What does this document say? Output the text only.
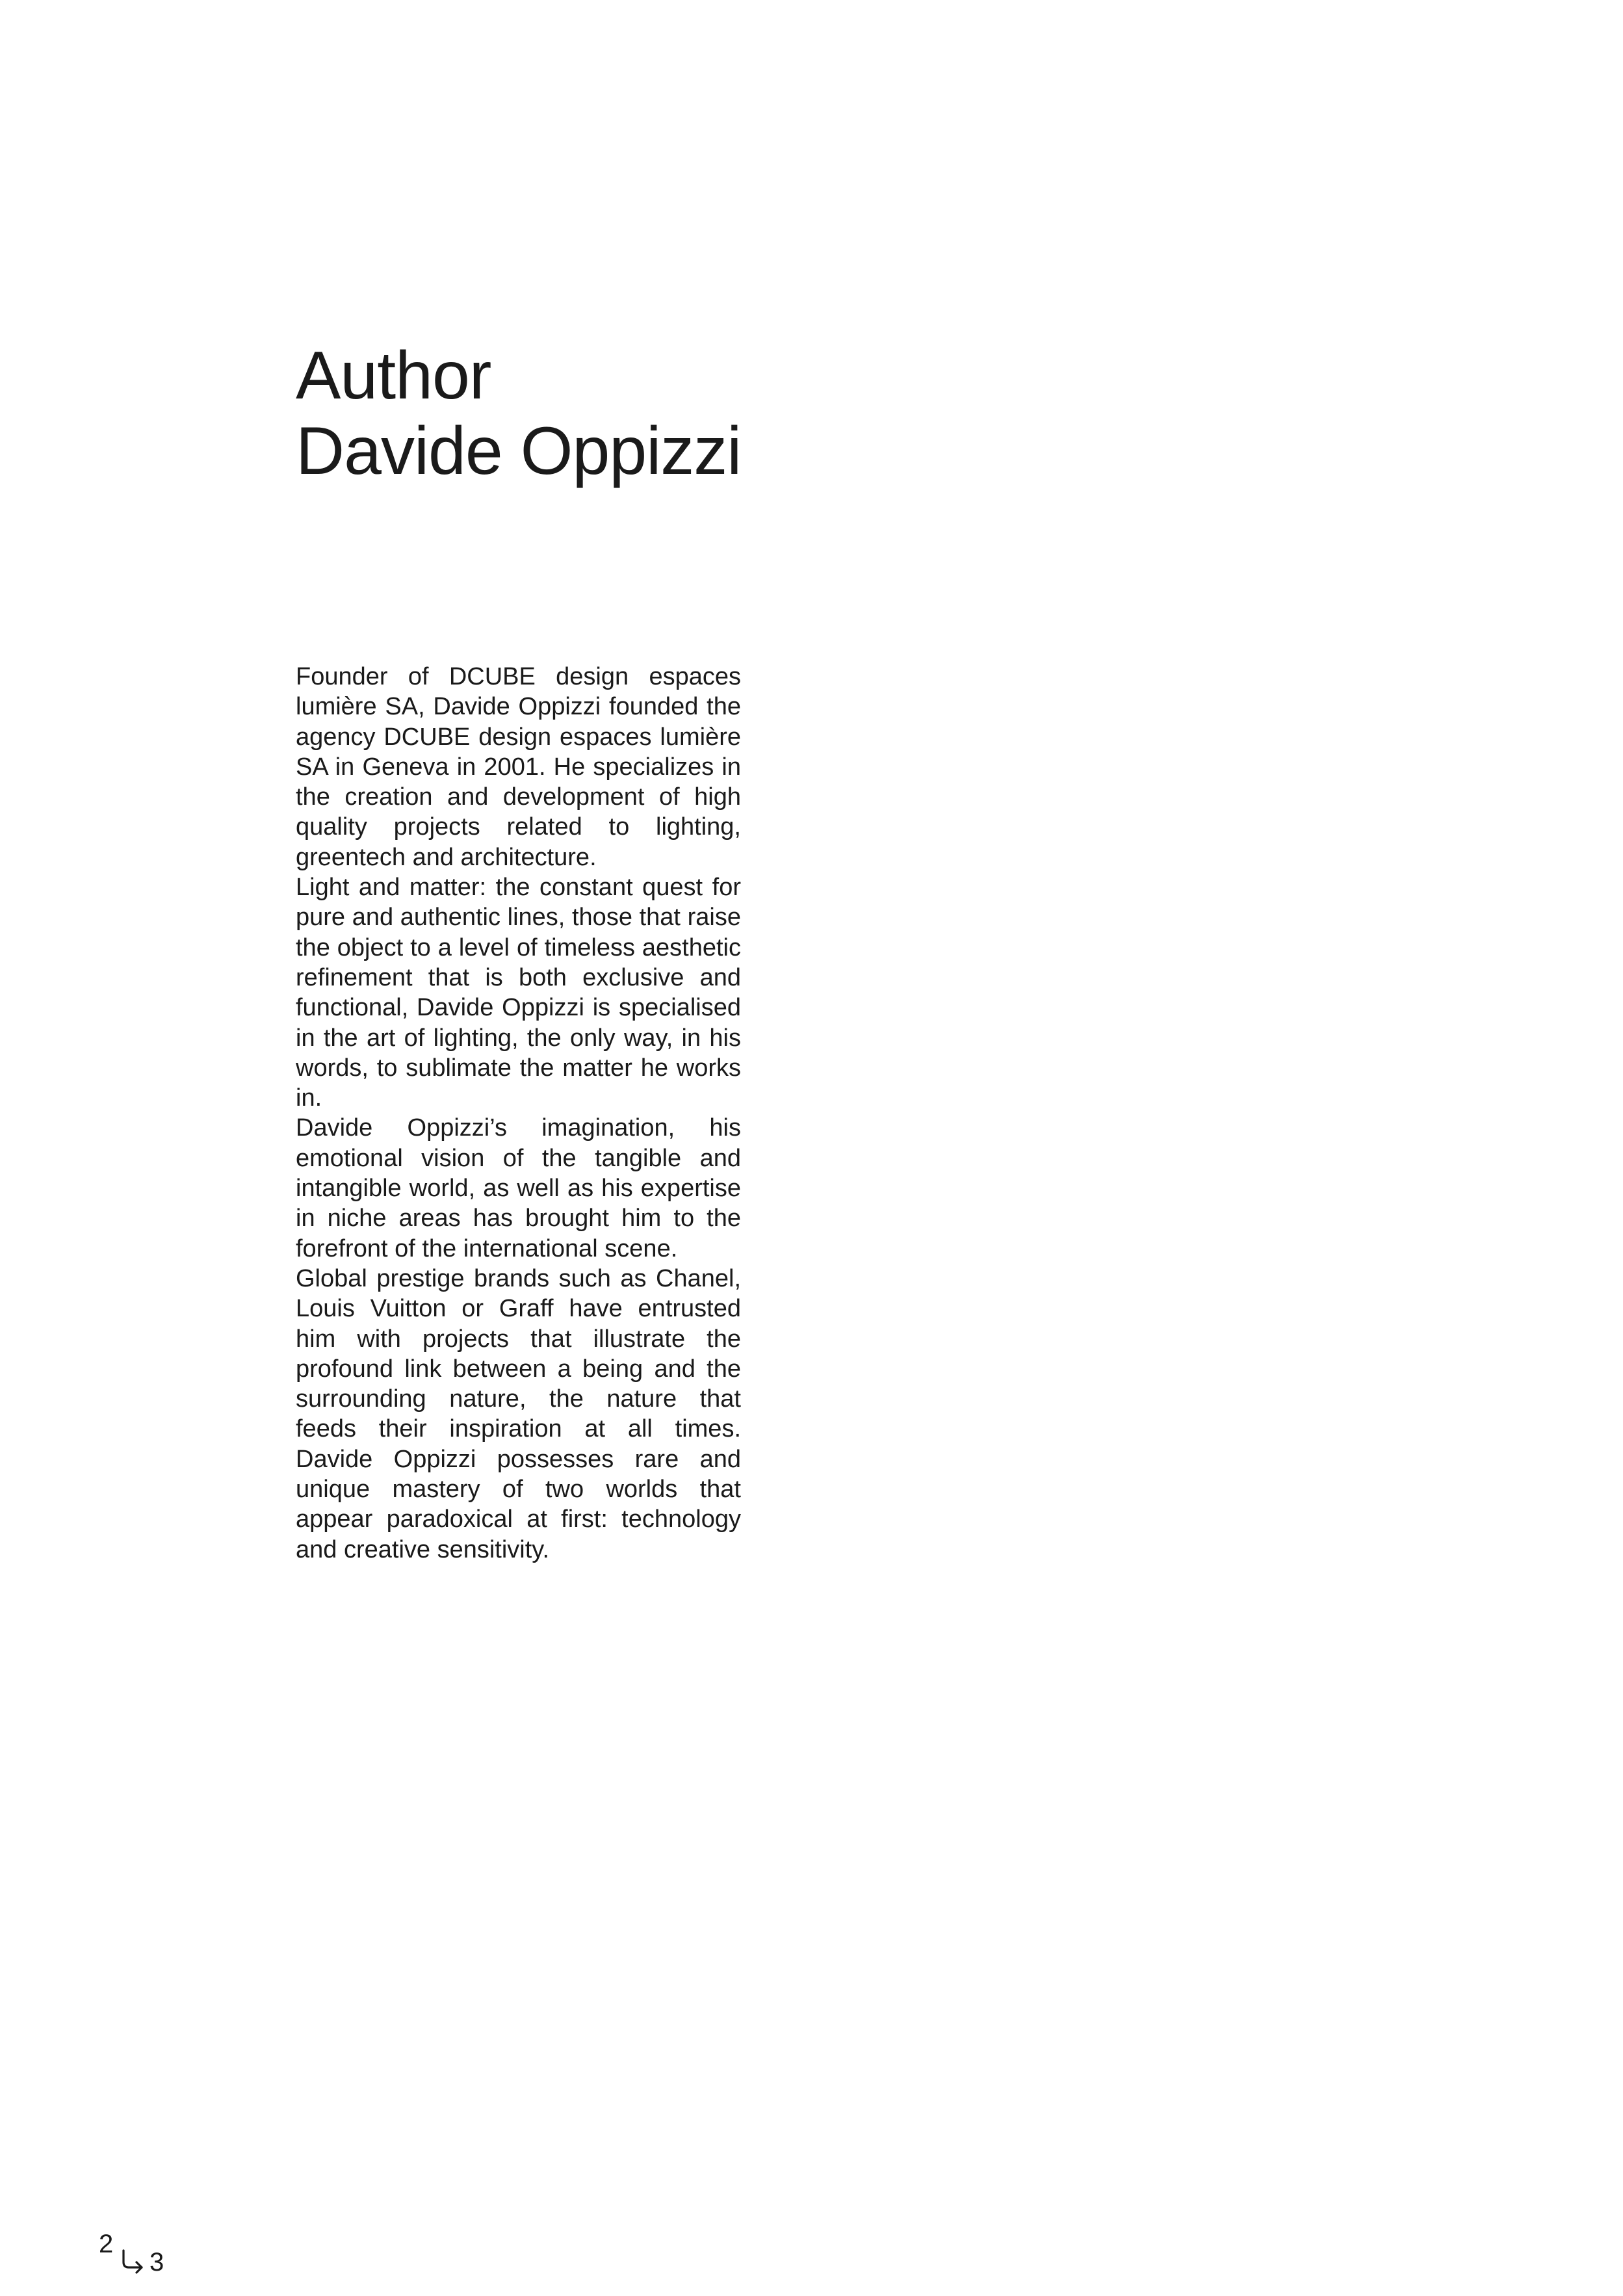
Author
Davide Oppizzi

Founder of DCUBE design espaces lumière SA, Davide Oppizzi founded the agency DCUBE design espaces lumière SA in Geneva in 2001. He specializes in the creation and development of high quality projects related to lighting, greentech and architecture.

Light and matter: the constant quest for pure and authentic lines, those that raise the object to a level of timeless aesthetic refinement that is both exclusive and functional, Davide Oppizzi is specialised in the art of lighting, the only way, in his words, to sublimate the matter he works in.

Davide Oppizzi’s imagination, his emotional vision of the tangible and intangible world, as well as his expertise in niche areas has brought him to the forefront of the international scene.

Global prestige brands such as Chanel, Louis Vuitton or Graff have entrusted him with projects that illustrate the profound link between a being and the surrounding nature, the nature that feeds their inspiration at all times. Davide Oppizzi possesses rare and unique mastery of two worlds that appear paradoxical at first: technology and creative sensitivity.

2
3
